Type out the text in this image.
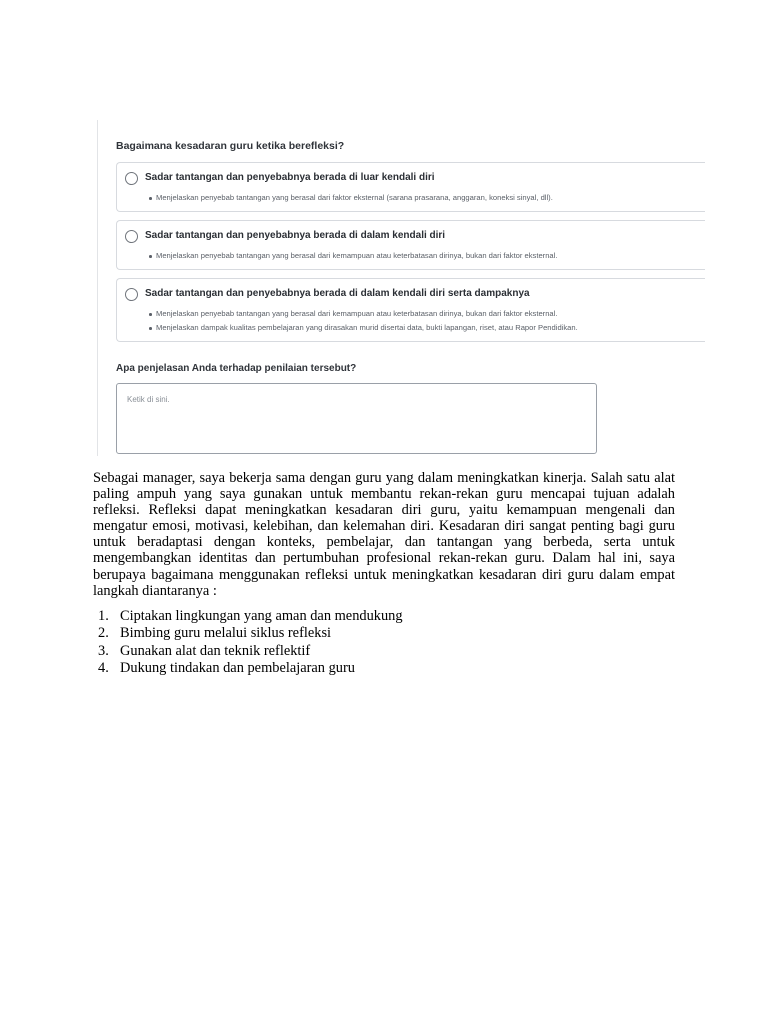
Bagaimana kesadaran guru ketika berefleksi?
Sadar tantangan dan penyebabnya berada di luar kendali diri
Menjelaskan penyebab tantangan yang berasal dari faktor eksternal (sarana prasarana, anggaran, koneksi sinyal, dll).
Sadar tantangan dan penyebabnya berada di dalam kendali diri
Menjelaskan penyebab tantangan yang berasal dari kemampuan atau keterbatasan dirinya, bukan dari faktor eksternal.
Sadar tantangan dan penyebabnya berada di dalam kendali diri serta dampaknya
Menjelaskan penyebab tantangan yang berasal dari kemampuan atau keterbatasan dirinya, bukan dari faktor eksternal.
Menjelaskan dampak kualitas pembelajaran yang dirasakan murid disertai data, bukti lapangan, riset, atau Rapor Pendidikan.
Apa penjelasan Anda terhadap penilaian tersebut?
Ketik di sini.

Sebagai manager, saya bekerja sama dengan guru yang dalam meningkatkan kinerja. Salah satu alat paling ampuh yang saya gunakan untuk membantu rekan-rekan guru mencapai tujuan adalah refleksi. Refleksi dapat meningkatkan kesadaran diri guru, yaitu kemampuan mengenali dan mengatur emosi, motivasi, kelebihan, dan kelemahan diri. Kesadaran diri sangat penting bagi guru untuk beradaptasi dengan konteks, pembelajar, dan tantangan yang berbeda, serta untuk mengembangkan identitas dan pertumbuhan profesional rekan-rekan guru. Dalam hal ini, saya berupaya bagaimana menggunakan refleksi untuk meningkatkan kesadaran diri guru dalam empat langkah diantaranya :

1. Ciptakan lingkungan yang aman dan mendukung
2. Bimbing guru melalui siklus refleksi
3. Gunakan alat dan teknik reflektif
4. Dukung tindakan dan pembelajaran guru
